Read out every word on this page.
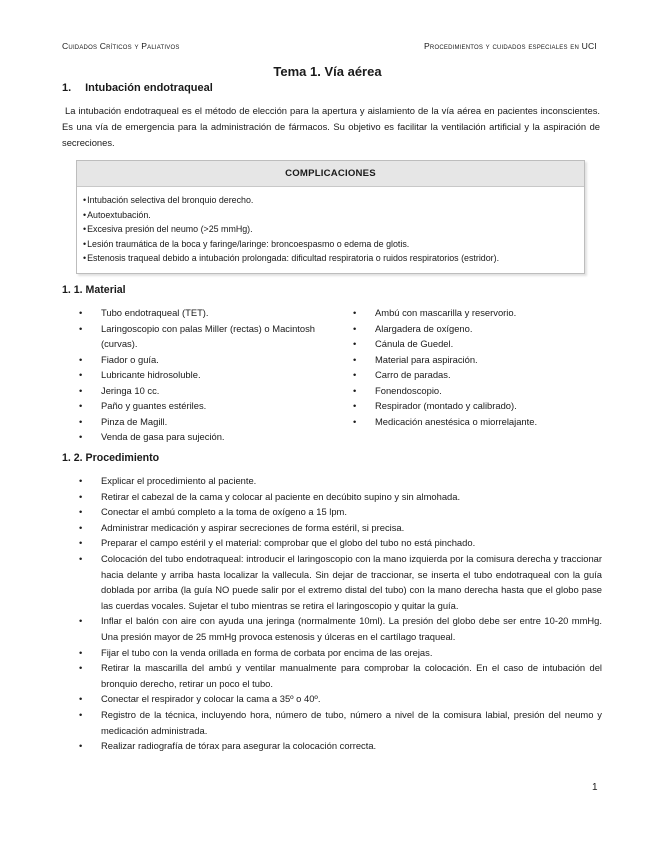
Cuidados Críticos y Paliativos	Procedimientos y cuidados especiales en UCI
Tema 1. Vía aérea
1. Intubación endotraqueal
La intubación endotraqueal es el método de elección para la apertura y aislamiento de la vía aérea en pacientes inconscientes. Es una vía de emergencia para la administración de fármacos. Su objetivo es facilitar la ventilación artificial y la aspiración de secreciones.
COMPLICACIONES
• Intubación selectiva del bronquio derecho.
• Autoextubación.
• Excesiva presión del neumo (>25 mmHg).
• Lesión traumática de la boca y faringe/laringe: broncoespasmo o edema de glotis.
• Estenosis traqueal debido a intubación prolongada: dificultad respiratoria o ruidos respiratorios (estridor).
1. 1. Material
• Tubo endotraqueal (TET).
• Laringoscopio con palas Miller (rectas) o Macintosh (curvas).
• Fiador o guía.
• Lubricante hidrosoluble.
• Jeringa 10 cc.
• Paño y guantes estériles.
• Pinza de Magill.
• Venda de gasa para sujeción.
• Ambú con mascarilla y reservorio.
• Alargadera de oxígeno.
• Cánula de Guedel.
• Material para aspiración.
• Carro de paradas.
• Fonendoscopio.
• Respirador (montado y calibrado).
• Medicación anestésica o miorrelajante.
1. 2. Procedimiento
• Explicar el procedimiento al paciente.
• Retirar el cabezal de la cama y colocar al paciente en decúbito supino y sin almohada.
• Conectar el ambú completo a la toma de oxígeno a 15 lpm.
• Administrar medicación y aspirar secreciones de forma estéril, si precisa.
• Preparar el campo estéril y el material: comprobar que el globo del tubo no está pinchado.
• Colocación del tubo endotraqueal: introducir el laringoscopio con la mano izquierda por la comisura derecha y traccionar hacia delante y arriba hasta localizar la vallecula. Sin dejar de traccionar, se inserta el tubo endotraqueal con la guía doblada por arriba (la guía NO puede salir por el extremo distal del tubo) con la mano derecha hasta que el globo pase las cuerdas vocales. Sujetar el tubo mientras se retira el laringoscopio y quitar la guía.
• Inflar el balón con aire con ayuda una jeringa (normalmente 10ml). La presión del globo debe ser entre 10-20 mmHg. Una presión mayor de 25 mmHg provoca estenosis y úlceras en el cartílago traqueal.
• Fijar el tubo con la venda orillada en forma de corbata por encima de las orejas.
• Retirar la mascarilla del ambú y ventilar manualmente para comprobar la colocación. En el caso de intubación del bronquio derecho, retirar un poco el tubo.
• Conectar el respirador y colocar la cama a 35º o 40º.
• Registro de la técnica, incluyendo hora, número de tubo, número a nivel de la comisura labial, presión del neumo y medicación administrada.
• Realizar radiografía de tórax para asegurar la colocación correcta.
1
